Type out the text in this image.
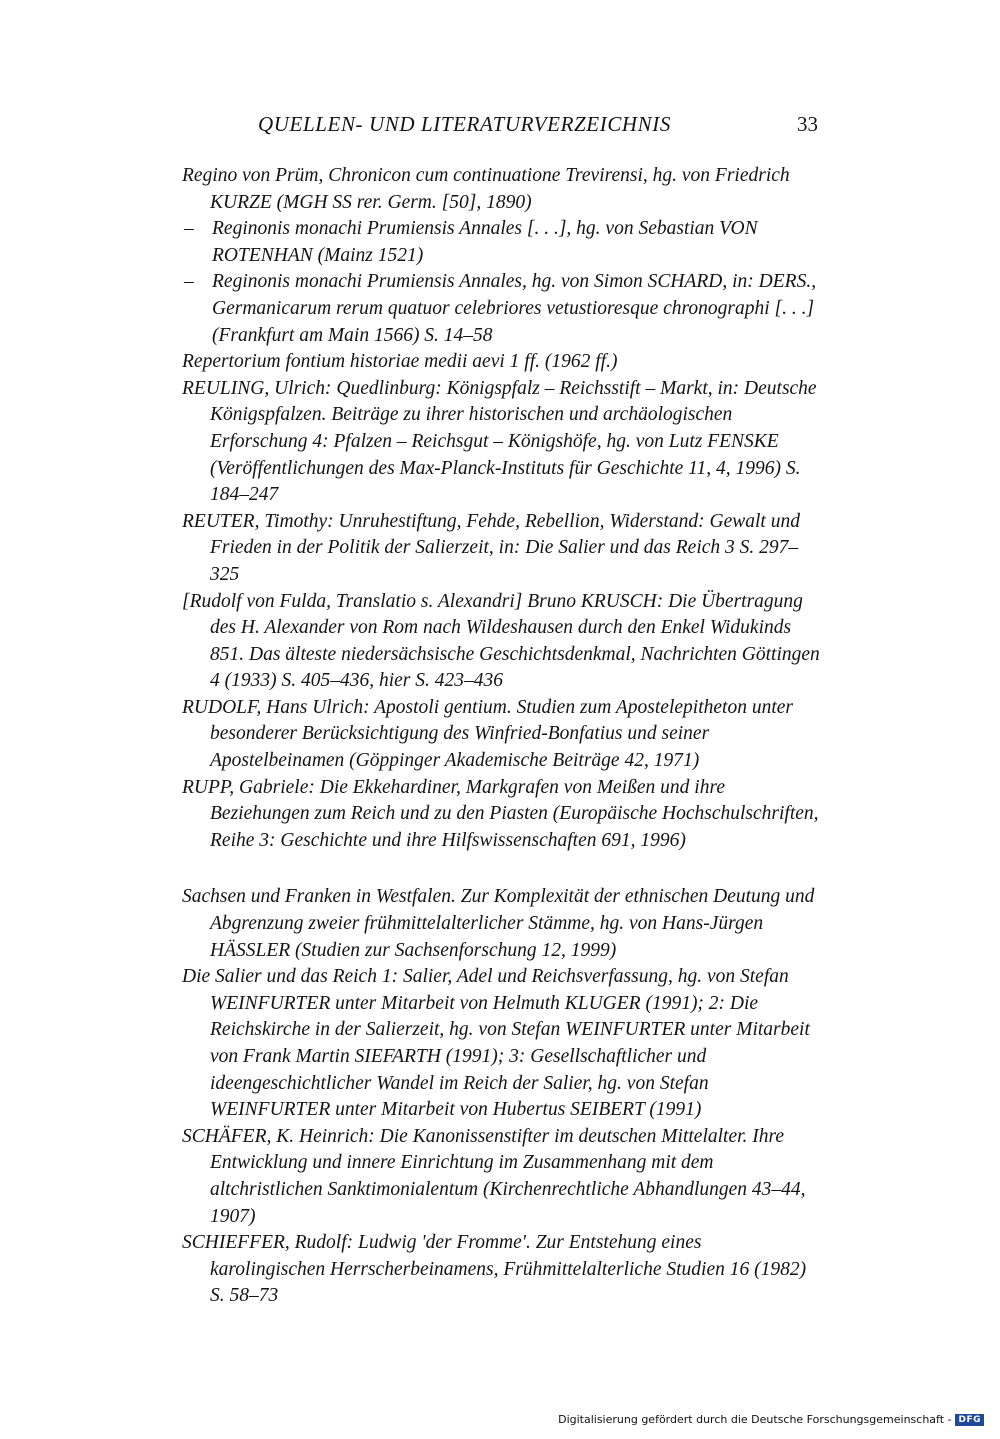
QUELLEN- UND LITERATURVERZEICHNIS	33

Regino von Prüm, Chronicon cum continuatione Trevirensi, hg. von Friedrich KURZE (MGH SS rer. Germ. [50], 1890)

– Reginonis monachi Prumiensis Annales [. . .], hg. von Sebastian VON ROTENHAN (Mainz 1521)

– Reginonis monachi Prumiensis Annales, hg. von Simon SCHARD, in: DERS., Germanicarum rerum quatuor celebriores vetustioresque chronographi [. . .] (Frankfurt am Main 1566) S. 14–58

Repertorium fontium historiae medii aevi 1 ff. (1962 ff.)

REULING, Ulrich: Quedlinburg: Königspfalz – Reichsstift – Markt, in: Deutsche Königspfalzen. Beiträge zu ihrer historischen und archäologischen Erforschung 4: Pfalzen – Reichsgut – Königshöfe, hg. von Lutz FENSKE (Veröffentlichungen des Max-Planck-Instituts für Geschichte 11, 4, 1996) S. 184–247

REUTER, Timothy: Unruhestiftung, Fehde, Rebellion, Widerstand: Gewalt und Frieden in der Politik der Salierzeit, in: Die Salier und das Reich 3 S. 297–325

[Rudolf von Fulda, Translatio s. Alexandri] Bruno KRUSCH: Die Übertragung des H. Alexander von Rom nach Wildeshausen durch den Enkel Widukinds 851. Das älteste niedersächsische Geschichtsdenkmal, Nachrichten Göttingen 4 (1933) S. 405–436, hier S. 423–436

RUDOLF, Hans Ulrich: Apostoli gentium. Studien zum Apostelepitheton unter besonderer Berücksichtigung des Winfried-Bonfatius und seiner Apostelbeinamen (Göppinger Akademische Beiträge 42, 1971)

RUPP, Gabriele: Die Ekkehardiner, Markgrafen von Meißen und ihre Beziehungen zum Reich und zu den Piasten (Europäische Hochschulschriften, Reihe 3: Geschichte und ihre Hilfswissenschaften 691, 1996)

Sachsen und Franken in Westfalen. Zur Komplexität der ethnischen Deutung und Abgrenzung zweier frühmittelalterlicher Stämme, hg. von Hans-Jürgen HÄSSLER (Studien zur Sachsenforschung 12, 1999)

Die Salier und das Reich 1: Salier, Adel und Reichsverfassung, hg. von Stefan WEINFURTER unter Mitarbeit von Helmuth KLUGER (1991); 2: Die Reichskirche in der Salierzeit, hg. von Stefan WEINFURTER unter Mitarbeit von Frank Martin SIEFARTH (1991); 3: Gesellschaftlicher und ideengeschichtlicher Wandel im Reich der Salier, hg. von Stefan WEINFURTER unter Mitarbeit von Hubertus SEIBERT (1991)

SCHÄFER, K. Heinrich: Die Kanonissenstifter im deutschen Mittelalter. Ihre Entwicklung und innere Einrichtung im Zusammenhang mit dem altchristlichen Sanktimonialentum (Kirchenrechtliche Abhandlungen 43–44, 1907)

SCHIEFFER, Rudolf: Ludwig 'der Fromme'. Zur Entstehung eines karolingischen Herrscherbeinamens, Frühmittelalterliche Studien 16 (1982) S. 58–73

Digitalisierung gefördert durch die Deutsche Forschungsgemeinschaft - DFG
